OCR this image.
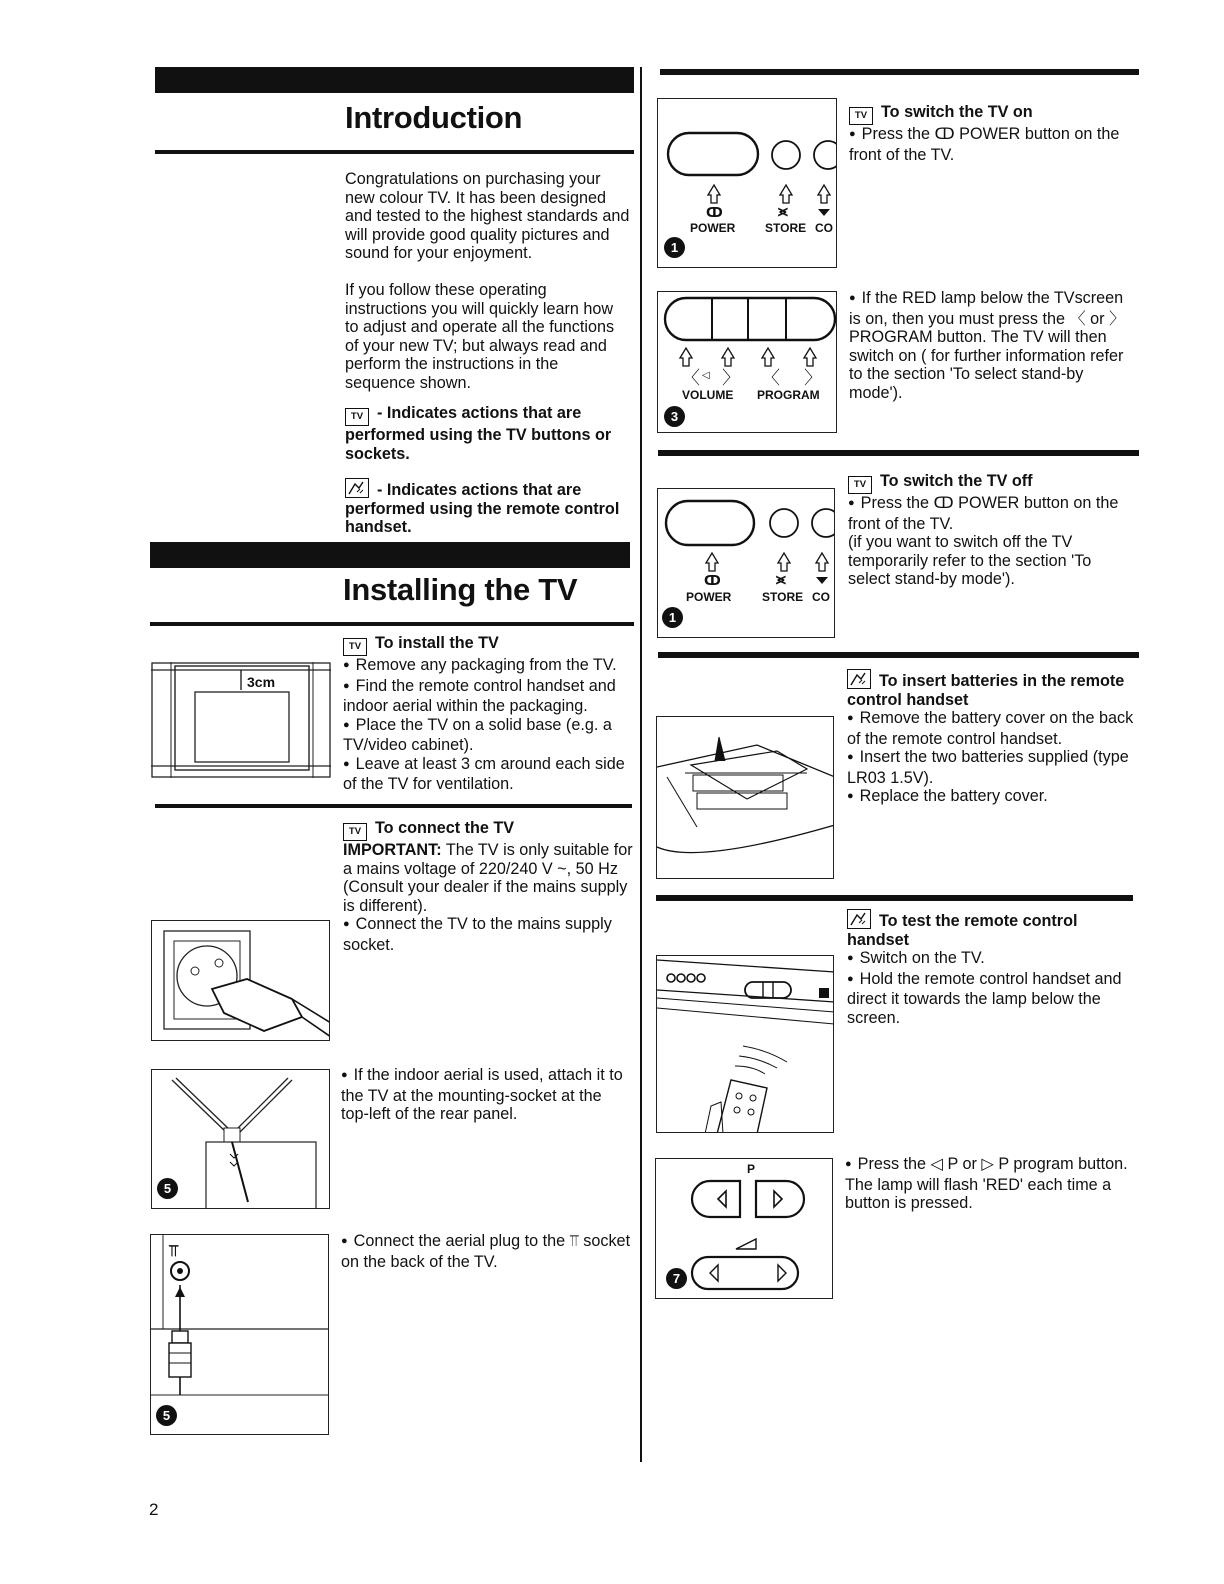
Introduction

Congratulations on purchasing your new colour TV. It has been designed and tested to the highest standards and will provide good quality pictures and sound for your enjoyment.

If you follow these operating instructions you will quickly learn how to adjust and operate all the functions of your new TV; but always read and perform the instructions in the sequence shown.

TV - Indicates actions that are performed using the TV buttons or sockets.
- Indicates actions that are performed using the remote control handset.
Installing the TV
3cm
TV To install the TV

● Remove any packaging from the TV.

● Find the remote control handset and indoor aerial within the packaging.

● Place the TV on a solid base (e.g. a TV/video cabinet).

● Leave at least 3 cm around each side of the TV for ventilation.

TV To connect the TV

IMPORTANT: The TV is only suitable for a mains voltage of 220/240 V ~, 50 Hz (Consult your dealer if the mains supply is different).

● Connect the TV to the mains supply socket.

● If the indoor aerial is used, attach it to the TV at the mounting-socket at the top-left of the rear panel.

5

● Connect the aerial plug to the ⫪ socket on the back of the TV.

⫪
5
ↀ	⪤
POWER STORE CO
1
TV To switch the TV on

● Press the ↀ POWER button on the front of the TV.

〈 ◁ 〉 〈 〉
VOLUME PROGRAM
3

● If the RED lamp below the TVscreen is on, then you must press the 〈 or 〉 PROGRAM button. The TV will then switch on ( for further information refer to the section 'To select stand-by mode').

ↀ	⪤
POWER	STORE CO
1
TV To switch the TV off

● Press the ↀ POWER button on the front of the TV.

(if you want to switch off the TV temporarily refer to the section 'To select stand-by mode').

To insert batteries in the remote control handset

● Remove the battery cover on the back of the remote control handset.

● Insert the two batteries supplied (type LR03 1.5V).

● Replace the battery cover.

To test the remote control handset

● Switch on the TV.

● Hold the remote control handset and direct it towards the lamp below the screen.

P
7

● Press the ◁ P or ▷ P program button. The lamp will flash 'RED' each time a button is pressed.

2
